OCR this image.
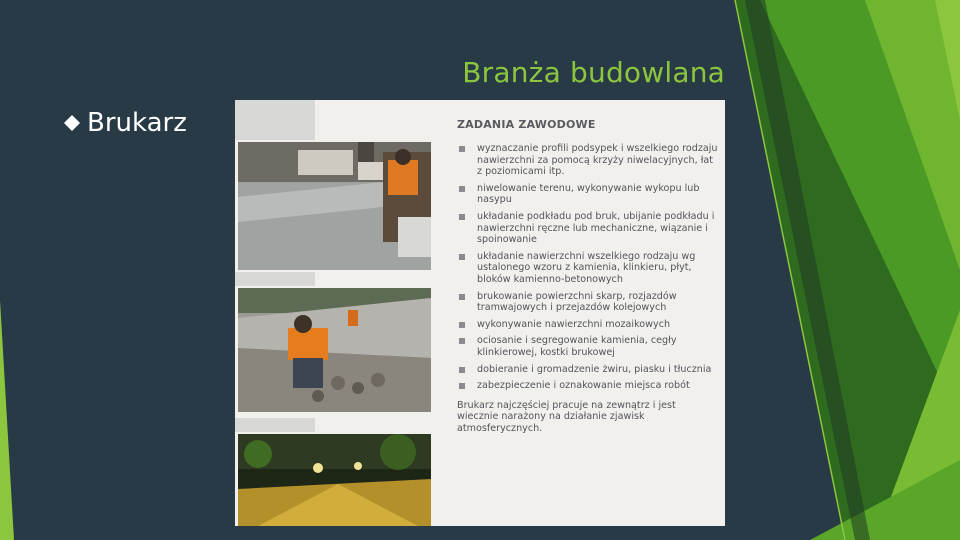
Branża budowlana
Brukarz	ZADANIA ZAWODOWE
wyznaczanie profili podsypek i wszelkiego rodzaju nawierzchni za pomocą krzyży niwelacyjnych, łat z poziomicami itp.
niwelowanie terenu, wykonywanie wykopu lub nasypu
układanie podkładu pod bruk, ubijanie podkładu i nawierzchni ręczne lub mechaniczne, wiązanie i spoinowanie
układanie nawierzchni wszelkiego rodzaju wg ustalonego wzoru z kamienia, klinkieru, płyt, bloków kamienno-betonowych
brukowanie powierzchni skarp, rozjazdów tramwajowych i przejazdów kolejowych
wykonywanie nawierzchni mozaikowych
ociosanie i segregowanie kamienia, cegły klinkierowej, kostki brukowej
dobieranie i gromadzenie żwiru, piasku i tłucznia
zabezpieczenie i oznakowanie miejsca robót

Brukarz najczęściej pracuje na zewnątrz i jest wiecznie narażony na działanie zjawisk atmosferycznych.
